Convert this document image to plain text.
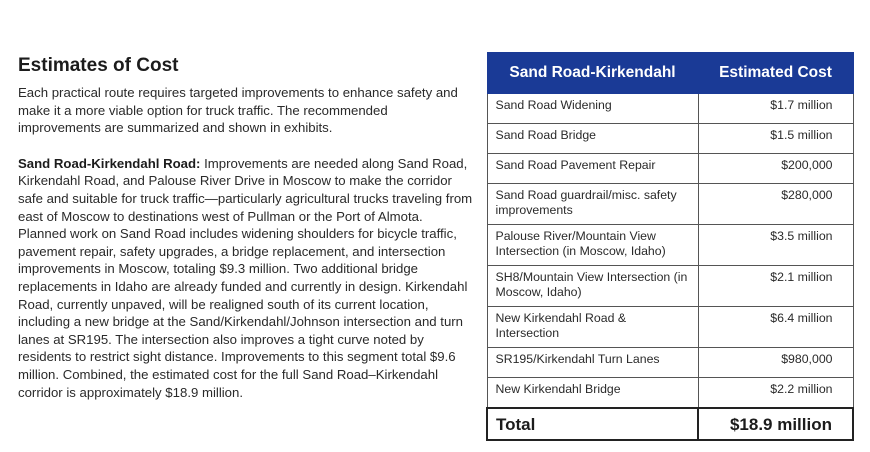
Estimates of Cost

Each practical route requires targeted improvements to enhance safety and make it a more viable option for truck traffic. The recommended improvements are summarized and shown in exhibits.

Sand Road-Kirkendahl Road: Improvements are needed along Sand Road, Kirkendahl Road, and Palouse River Drive in Moscow to make the corridor safe and suitable for truck traffic—particularly agricultural trucks traveling from east of Moscow to destinations west of Pullman or the Port of Almota. Planned work on Sand Road includes widening shoulders for bicycle traffic, pavement repair, safety upgrades, a bridge replacement, and intersection improvements in Moscow, totaling $9.3 million. Two additional bridge replacements in Idaho are already funded and currently in design. Kirkendahl Road, currently unpaved, will be realigned south of its current location, including a new bridge at the Sand/Kirkendahl/Johnson intersection and turn lanes at SR195. The intersection also improves a tight curve noted by residents to restrict sight distance. Improvements to this segment total $9.6 million. Combined, the estimated cost for the full Sand Road–Kirkendahl corridor is approximately $18.9 million.

Sand Road-Kirkendahl	Estimated Cost
Sand Road Widening	$1.7 million
Sand Road Bridge	$1.5 million
Sand Road Pavement Repair	$200,000
Sand Road guardrail/misc. safety improvements	$280,000
Palouse River/Mountain View Intersection (in Moscow, Idaho)	$3.5 million
SH8/Mountain View Intersection (in Moscow, Idaho)	$2.1 million
New Kirkendahl Road & Intersection	$6.4 million
SR195/Kirkendahl Turn Lanes	$980,000
New Kirkendahl Bridge	$2.2 million
Total	$18.9 million
